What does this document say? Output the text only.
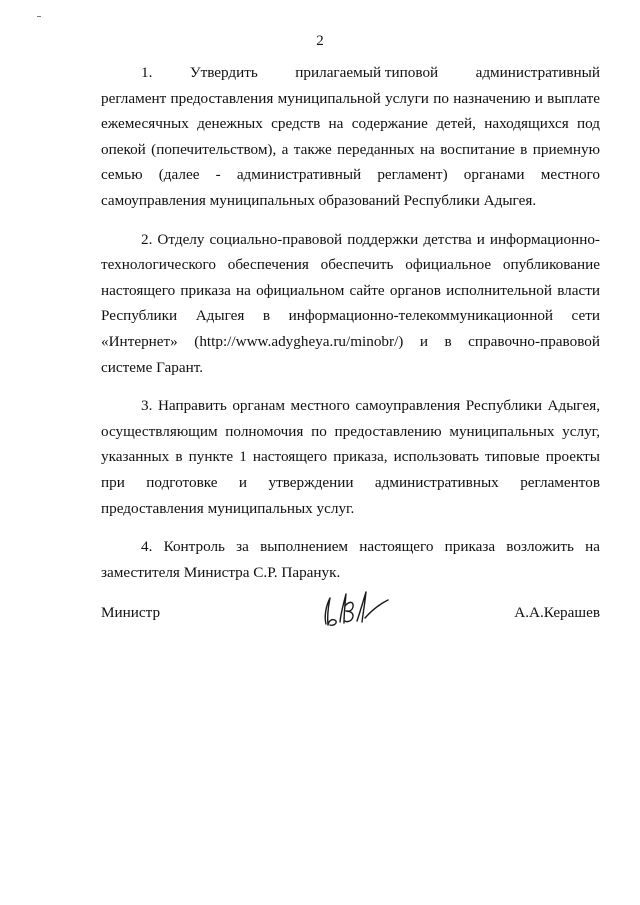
2
1. Утвердить прилагаемый типовой административный
регламент предоставления муниципальной услуги по назначению и выплате ежемесячных денежных средств на содержание детей, находящихся под опекой (попечительством), а также переданных на воспитание в приемную семью (далее - административный регламент) органами местного самоуправления муниципальных образований Республики Адыгея.

2. Отделу социально-правовой поддержки детства и информационно-технологического обеспечения обеспечить официальное опубликование настоящего приказа на официальном сайте органов исполнительной власти Республики Адыгея в информационно-телекоммуникационной сети «Интернет» (http://www.adygheya.ru/minobr/) и в справочно-правовой системе Гарант.

3. Направить органам местного самоуправления Республики Адыгея, осуществляющим полномочия по предоставлению муниципальных услуг, указанных в пункте 1 настоящего приказа, использовать типовые проекты при подготовке и утверждении административных регламентов предоставления муниципальных услуг.

4. Контроль за выполнением настоящего приказа возложить на заместителя Министра С.Р. Паранук.

Министр	А.А.Керашев
